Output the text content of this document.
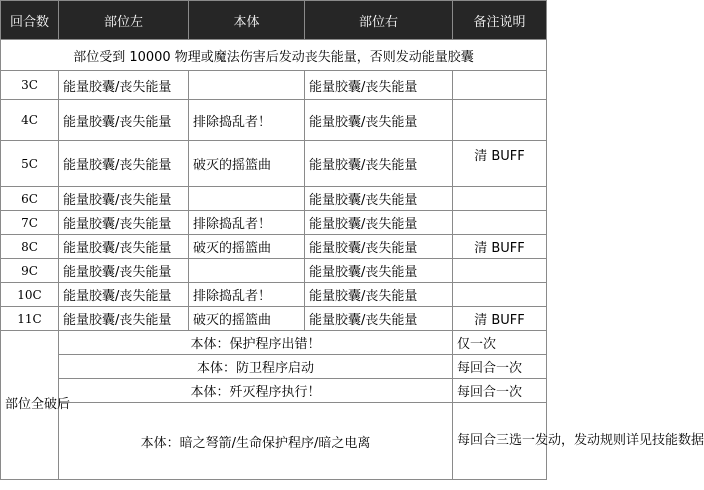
回合数	部位左	本体	部位右	备注说明
部位受到 10000 物理或魔法伤害后发动丧失能量，否则发动能量胶囊				
3C	能量胶囊/丧失能量		能量胶囊/丧失能量	
4C	能量胶囊/丧失能量	排除捣乱者！	能量胶囊/丧失能量	
5C	能量胶囊/丧失能量	破灭的摇篮曲	能量胶囊/丧失能量	清 BUFF
6C	能量胶囊/丧失能量		能量胶囊/丧失能量	
7C	能量胶囊/丧失能量	排除捣乱者！	能量胶囊/丧失能量	
8C	能量胶囊/丧失能量	破灭的摇篮曲	能量胶囊/丧失能量	清 BUFF
9C	能量胶囊/丧失能量		能量胶囊/丧失能量	
10C	能量胶囊/丧失能量	排除捣乱者！	能量胶囊/丧失能量	
11C	能量胶囊/丧失能量	破灭的摇篮曲	能量胶囊/丧失能量	清 BUFF
部位全破后	本体：保护程序出错！			仅一次
	本体：防卫程序启动			每回合一次
	本体：歼灭程序执行！			每回合一次
	本体：暗之弩箭/生命保护程序/暗之电离			每回合三选一发动，发动规则详见技能数据
